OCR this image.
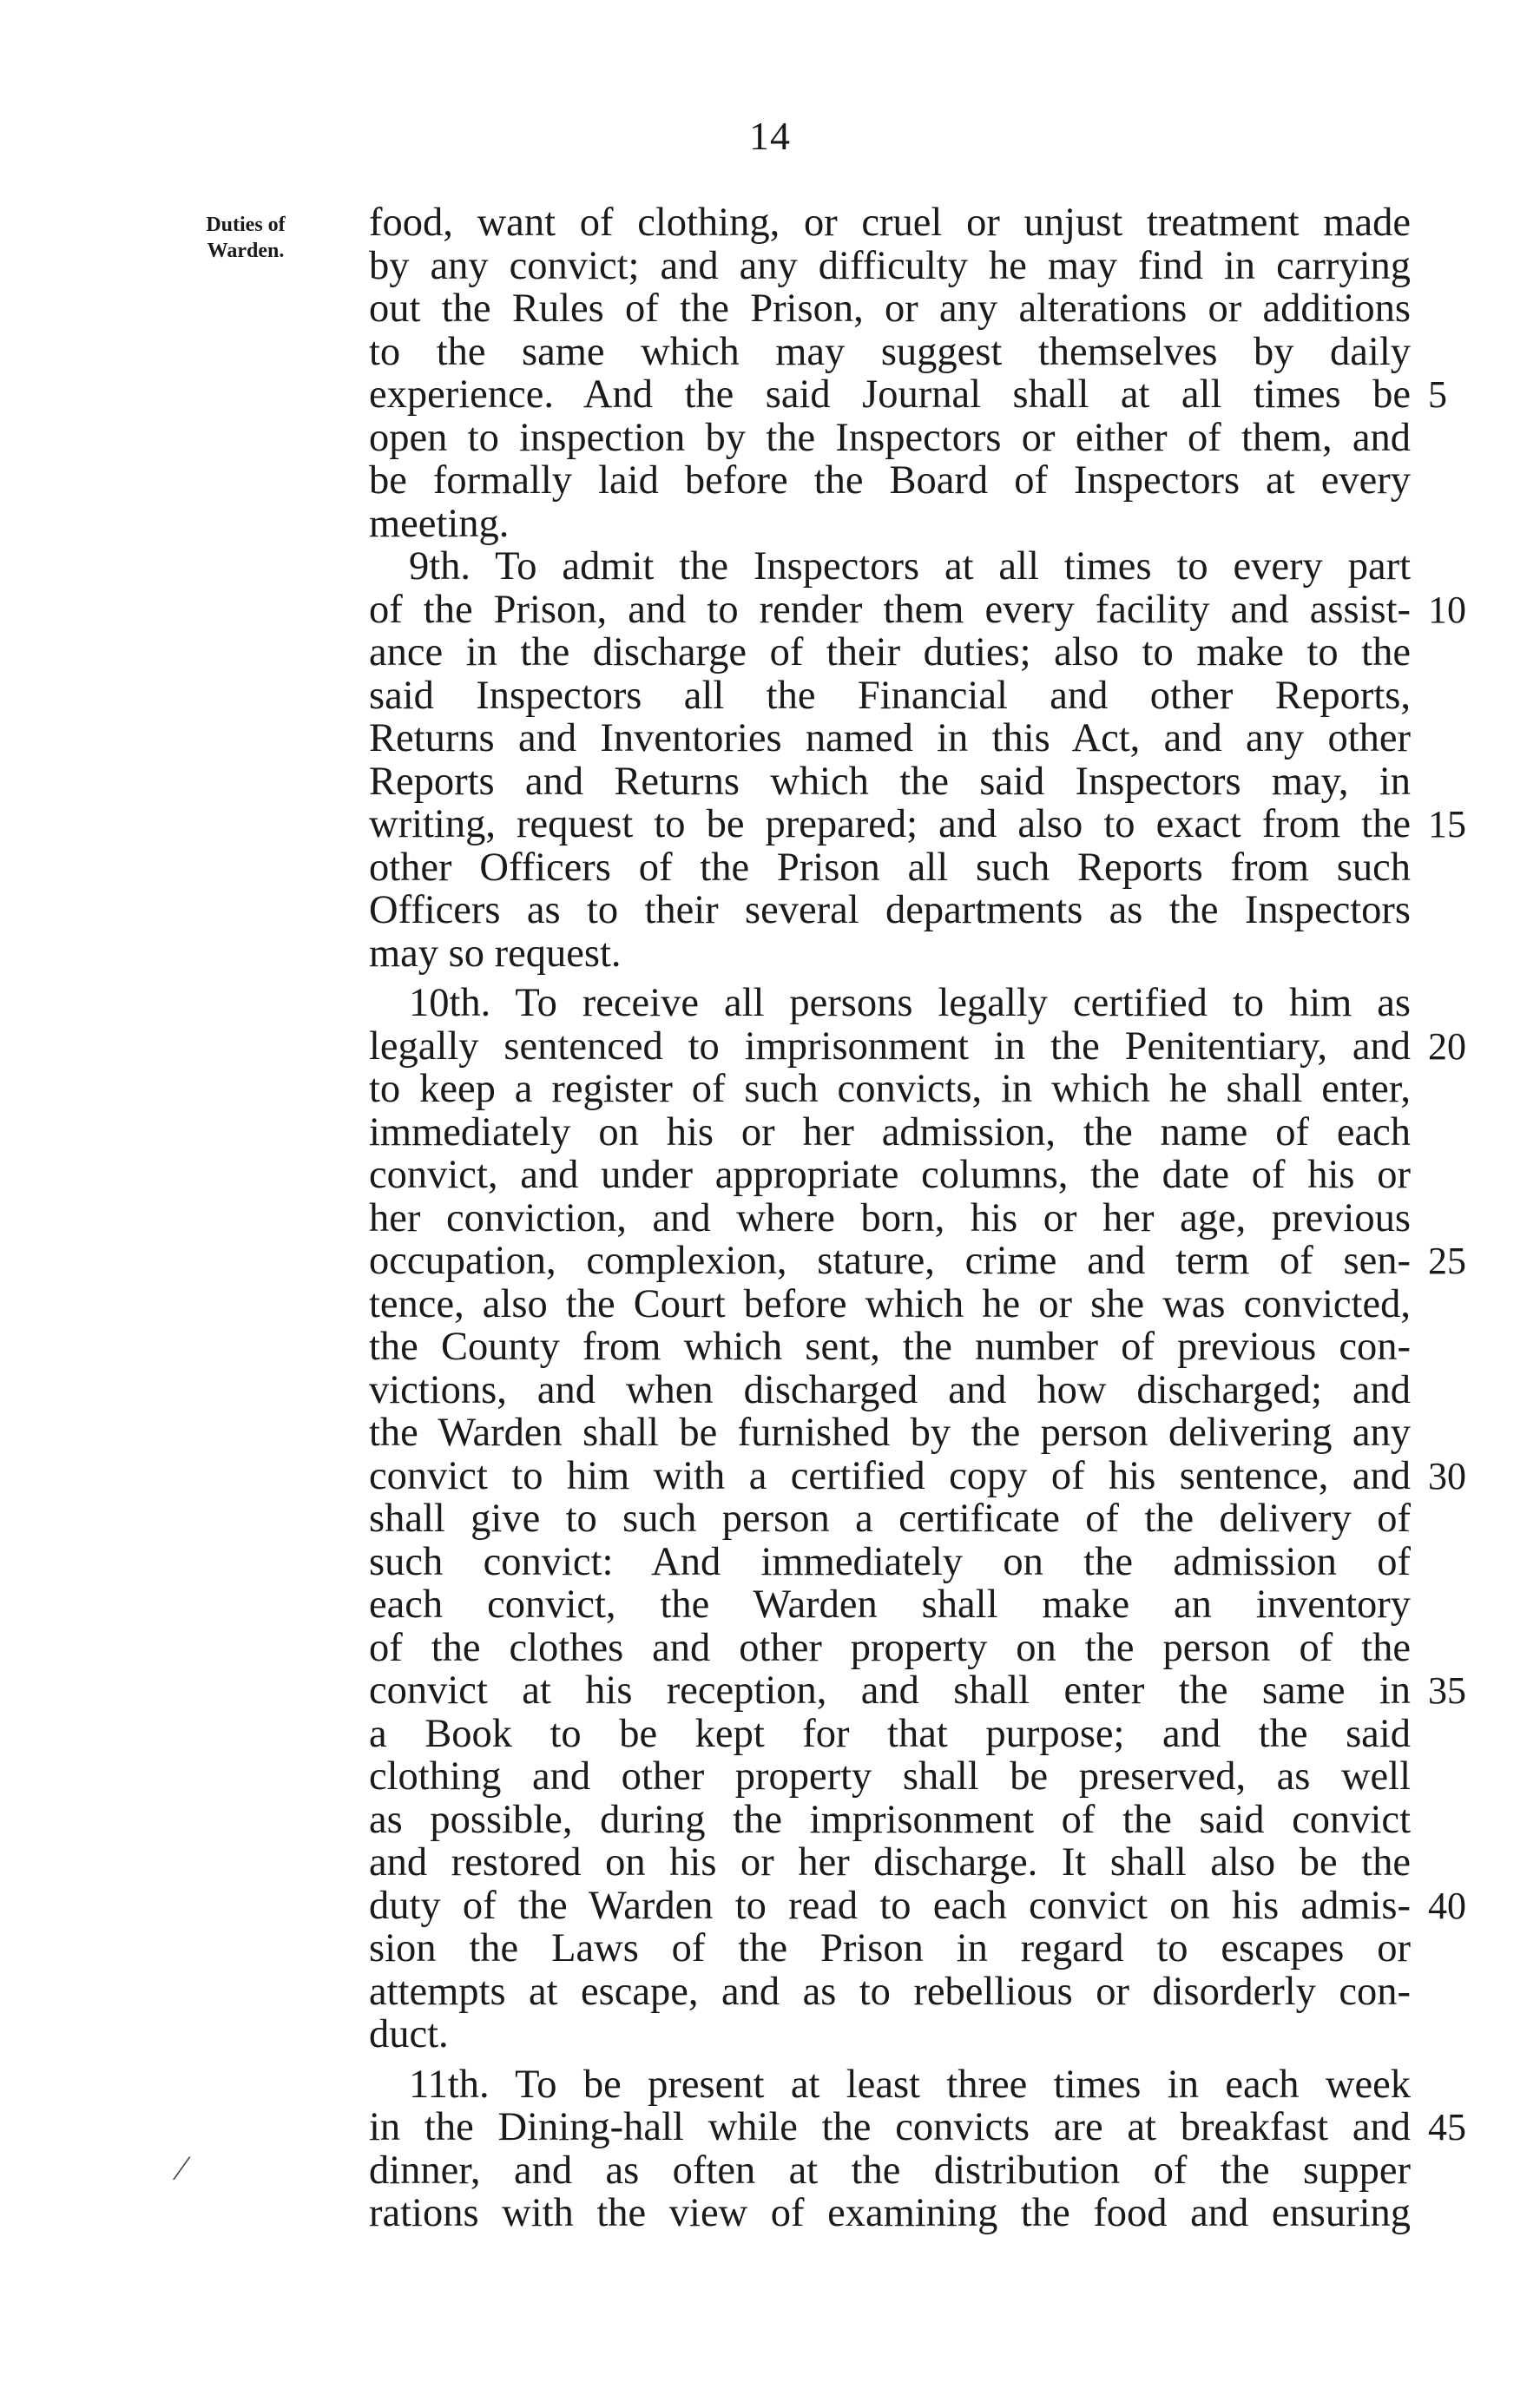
14
Duties of
Warden.
food, want of clothing, or cruel or unjust treatment made
by any convict; and any difficulty he may find in carrying
out the Rules of the Prison, or any alterations or additions
to the same which may suggest themselves by daily
experience. And the said Journal shall at all times be
open to inspection by the Inspectors or either of them, and
be formally laid before the Board of Inspectors at every
meeting.
9th. To admit the Inspectors at all times to every part
of the Prison, and to render them every facility and assist-
ance in the discharge of their duties; also to make to the
said Inspectors all the Financial and other Reports,
Returns and Inventories named in this Act, and any other
Reports and Returns which the said Inspectors may, in
writing, request to be prepared; and also to exact from the
other Officers of the Prison all such Reports from such
Officers as to their several departments as the Inspectors
may so request.
10th. To receive all persons legally certified to him as
legally sentenced to imprisonment in the Penitentiary, and
to keep a register of such convicts, in which he shall enter,
immediately on his or her admission, the name of each
convict, and under appropriate columns, the date of his or
her conviction, and where born, his or her age, previous
occupation, complexion, stature, crime and term of sen-
tence, also the Court before which he or she was convicted,
the County from which sent, the number of previous con-
victions, and when discharged and how discharged; and
the Warden shall be furnished by the person delivering any
convict to him with a certified copy of his sentence, and
shall give to such person a certificate of the delivery of
such convict: And immediately on the admission of
each convict, the Warden shall make an inventory
of the clothes and other property on the person of the
convict at his reception, and shall enter the same in
a Book to be kept for that purpose; and the said
clothing and other property shall be preserved, as well
as possible, during the imprisonment of the said convict
and restored on his or her discharge. It shall also be the
duty of the Warden to read to each convict on his admis-
sion the Laws of the Prison in regard to escapes or
attempts at escape, and as to rebellious or disorderly con-
duct.
11th. To be present at least three times in each week
in the Dining-hall while the convicts are at breakfast and
dinner, and as often at the distribution of the supper
rations with the view of examining the food and ensuring
5
10
15
20
25
30
35
40
45
⁄
